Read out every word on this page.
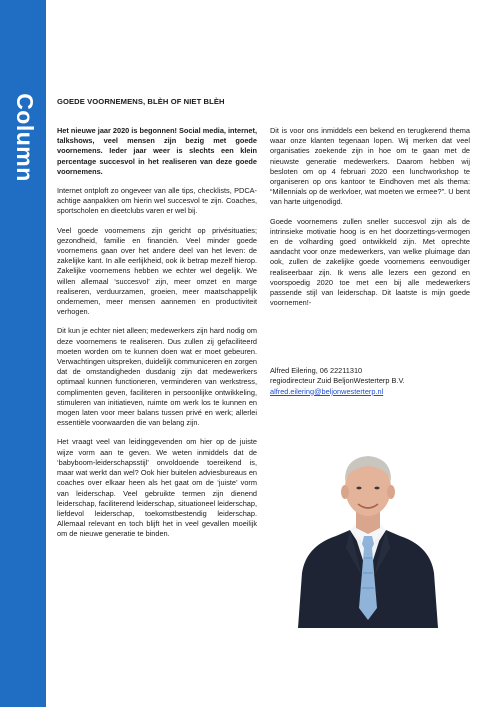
Column	GOEDE VOORNEMENS, BLÈH OF NIET BLÈH

Het nieuwe jaar 2020 is begonnen! Social media, internet, talkshows, veel mensen zijn bezig met goede voornemens. Ieder jaar weer is slechts een klein percentage succesvol in het realiseren van deze goede voornemens.

Internet ontploft zo ongeveer van alle tips, checklists, PDCA-achtige aanpakken om hierin wel succesvol te zijn. Coaches, sportscholen en dieetclubs varen er wel bij.

Veel goede voornemens zijn gericht op privésituaties; gezondheid, familie en financiën. Veel minder goede voornemens gaan over het andere deel van het leven: de zakelijke kant. In alle eerlijkheid, ook ik betrap mezelf hierop. Zakelijke voornemens hebben we echter wel degelijk. We willen allemaal ‘succesvol’ zijn, meer omzet en marge realiseren, verduurzamen, groeien, meer maatschappelijk ondernemen, meer mensen aannemen en productiviteit verhogen.

Dit kun je echter niet alleen; medewerkers zijn hard nodig om deze voornemens te realiseren. Dus zullen zij gefaciliteerd moeten worden om te kunnen doen wat er moet gebeuren. Verwachtingen uitspreken, duidelijk communiceren en zorgen dat de omstandigheden dusdanig zijn dat medewerkers optimaal kunnen functioneren, verminderen van werkstress, complimenten geven, faciliteren in persoonlijke ontwikkeling, stimuleren van initiatieven, ruimte om werk los te kunnen en mogen laten voor meer balans tussen privé en werk; allerlei essentiële voorwaarden die van belang zijn.

Het vraagt veel van leidinggevenden om hier op de juiste wijze vorm aan te geven. We weten inmiddels dat de ‘babyboom-leiderschapsstijl’ onvoldoende toereikend is, maar wat werkt dan wel? Ook hier buitelen adviesbureaus en coaches over elkaar heen als het gaat om de ‘juiste’ vorm van leiderschap. Veel gebruikte termen zijn dienend leiderschap, faciliterend leiderschap, situationeel leiderschap, liefdevol leiderschap, toekomstbestendig leiderschap. Allemaal relevant en toch blijft het in veel gevallen moeilijk om de nieuwe generatie te binden.

Dit is voor ons inmiddels een bekend en terugkerend thema waar onze klanten tegenaan lopen. Wij merken dat veel organisaties zoekende zijn in hoe om te gaan met de nieuwste generatie medewerkers. Daarom hebben wij besloten om op 4 februari 2020 een lunchworkshop te organiseren op ons kantoor te Eindhoven met als thema: “Millennials op de werkvloer, wat moeten we ermee?”. U bent van harte uitgenodigd.

Goede voornemens zullen sneller succesvol zijn als de intrinsieke motivatie hoog is en het doorzettings-vermogen en de volharding goed ontwikkeld zijn. Met oprechte aandacht voor onze medewerkers, van welke pluimage dan ook, zullen de zakelijke goede voornemens eenvoudiger realiseerbaar zijn. Ik wens alle lezers een gezond en voorspoedig 2020 toe met een bij alle medewerkers passende stijl van leiderschap. Dit laatste is mijn goede voornemen!-

Alfred Eilering, 06 22211310
regiodirecteur Zuid BeljonWesterterp B.V.
alfred.eilering@beljonwesterterp.nl
